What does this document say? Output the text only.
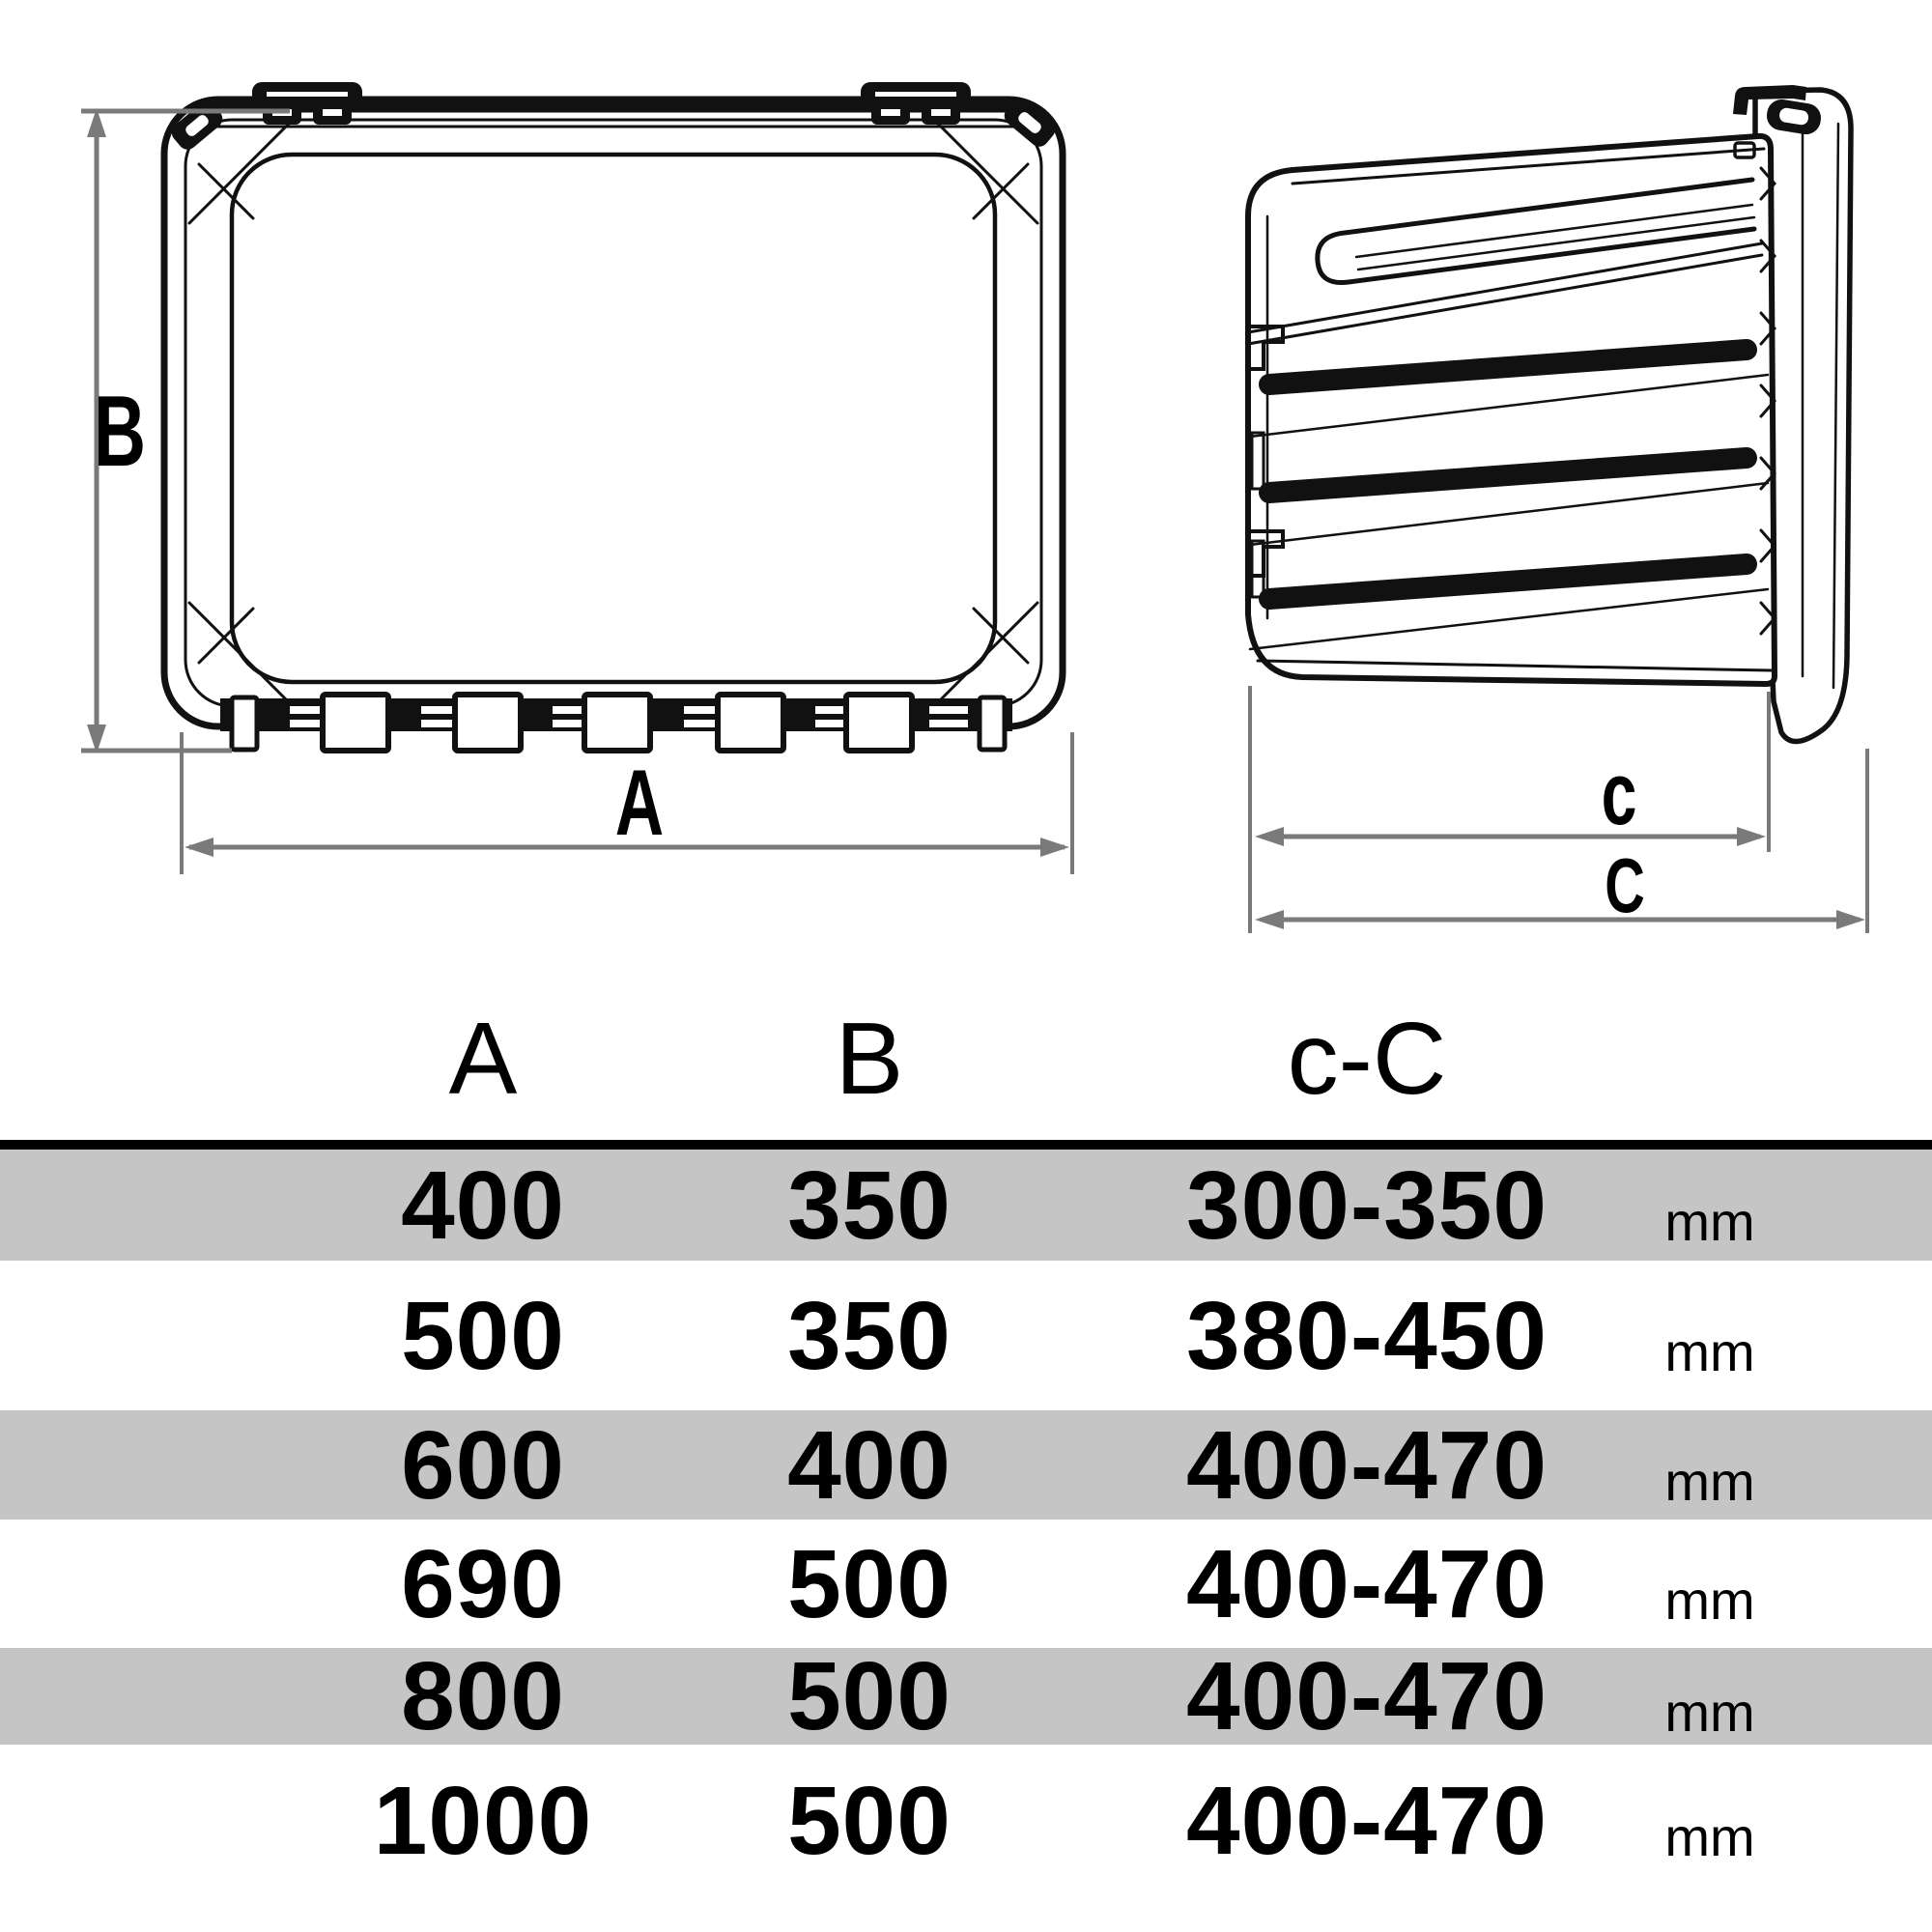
B
A	c
C
A	B	c-C
400	350	300-350	mm
500	350	380-450	mm
600	400	400-470	mm
690	500	400-470	mm
800	500	400-470	mm
1000	500	400-470	mm
